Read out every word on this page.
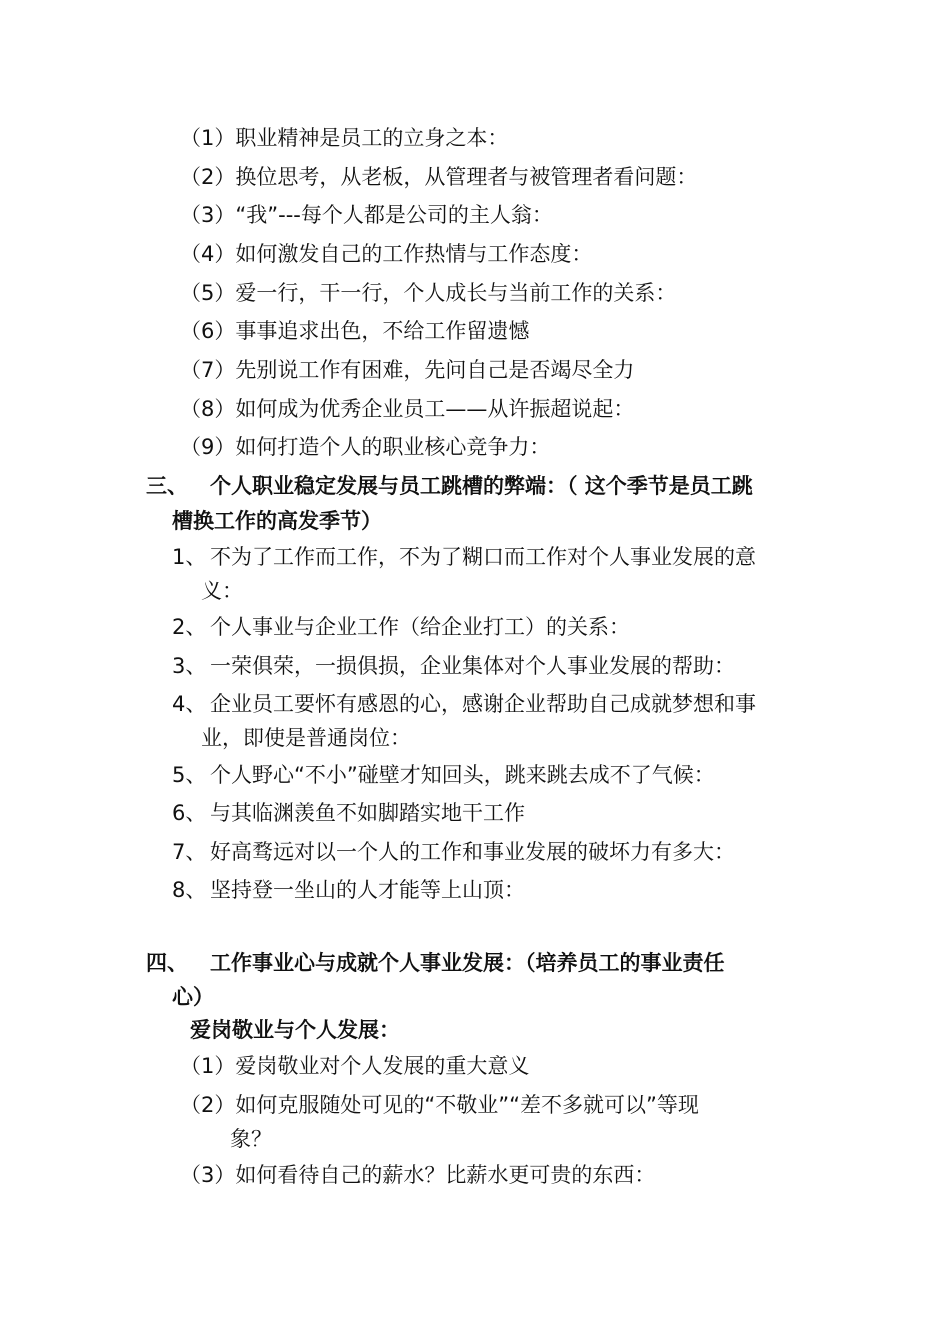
（1）职业精神是员工的立身之本：
（2）换位思考，从老板，从管理者与被管理者看问题：
（3）“我”---每个人都是公司的主人翁：
（4）如何激发自己的工作热情与工作态度：
（5）爱一行，干一行，个人成长与当前工作的关系：
（6）事事追求出色，不给工作留遗憾
（7）先别说工作有困难，先问自己是否竭尽全力
（8）如何成为优秀企业员工——从许振超说起：
（9）如何打造个人的职业核心竞争力：
三、 个人职业稳定发展与员工跳槽的弊端：（ 这个季节是员工跳
槽换工作的高发季节）
1、 不为了工作而工作，不为了糊口而工作对个人事业发展的意
义：
2、 个人事业与企业工作（给企业打工）的关系：
3、 一荣俱荣，一损俱损，企业集体对个人事业发展的帮助：
4、 企业员工要怀有感恩的心，感谢企业帮助自己成就梦想和事
业，即使是普通岗位：
5、 个人野心“不小”碰壁才知回头，跳来跳去成不了气候：
6、 与其临渊羡鱼不如脚踏实地干工作
7、 好高骛远对以一个人的工作和事业发展的破坏力有多大：
8、 坚持登一坐山的人才能等上山顶：
四、 工作事业心与成就个人事业发展：（培养员工的事业责任
心）
爱岗敬业与个人发展：
（1）爱岗敬业对个人发展的重大意义
（2）如何克服随处可见的“不敬业”“差不多就可以”等现
象？
（3）如何看待自己的薪水？比薪水更可贵的东西：
